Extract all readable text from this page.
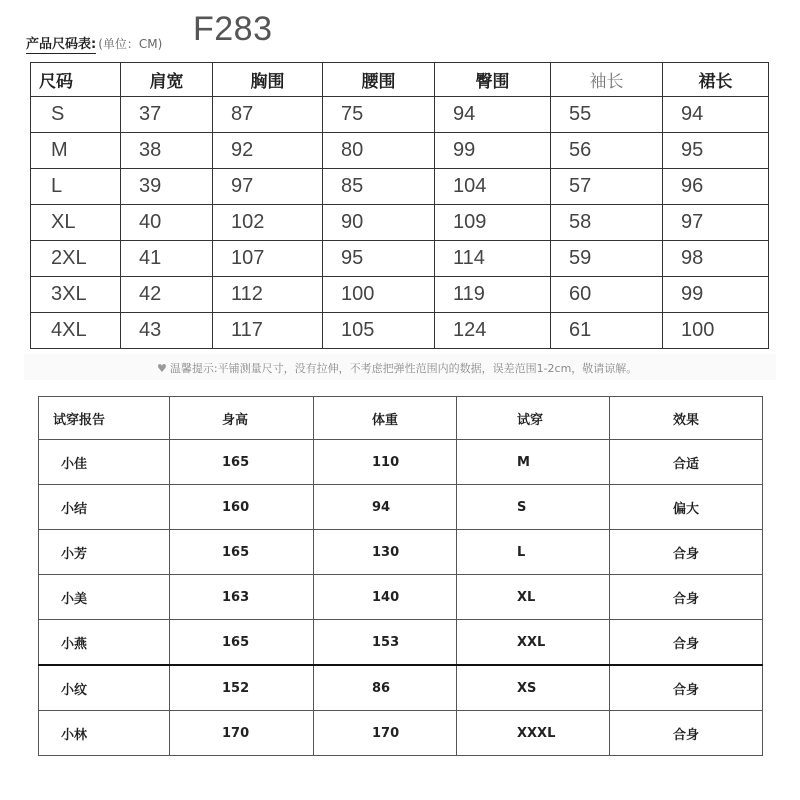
产品尺码表: (单位：CM) F283
尺码	肩宽	胸围	腰围	臀围	袖长	裙长
S	37	87	75	94	55	94
M	38	92	80	99	56	95
L	39	97	85	104	57	96
XL	40	102	90	109	58	97
2XL	41	107	95	114	59	98
3XL	42	112	100	119	60	99
4XL	43	117	105	124	61	100
♥ 温馨提示:平铺测量尺寸，没有拉伸，不考虑把弹性范围内的数据，误差范围1-2cm，敬请谅解。
试穿报告	身高	体重	试穿	效果
小佳	165	110	M	合适
小结	160	94	S	偏大
小芳	165	130	L	合身
小美	163	140	XL	合身
小燕	165	153	XXL	合身
小纹	152	86	XS	合身
小林	170	170	XXXL	合身
